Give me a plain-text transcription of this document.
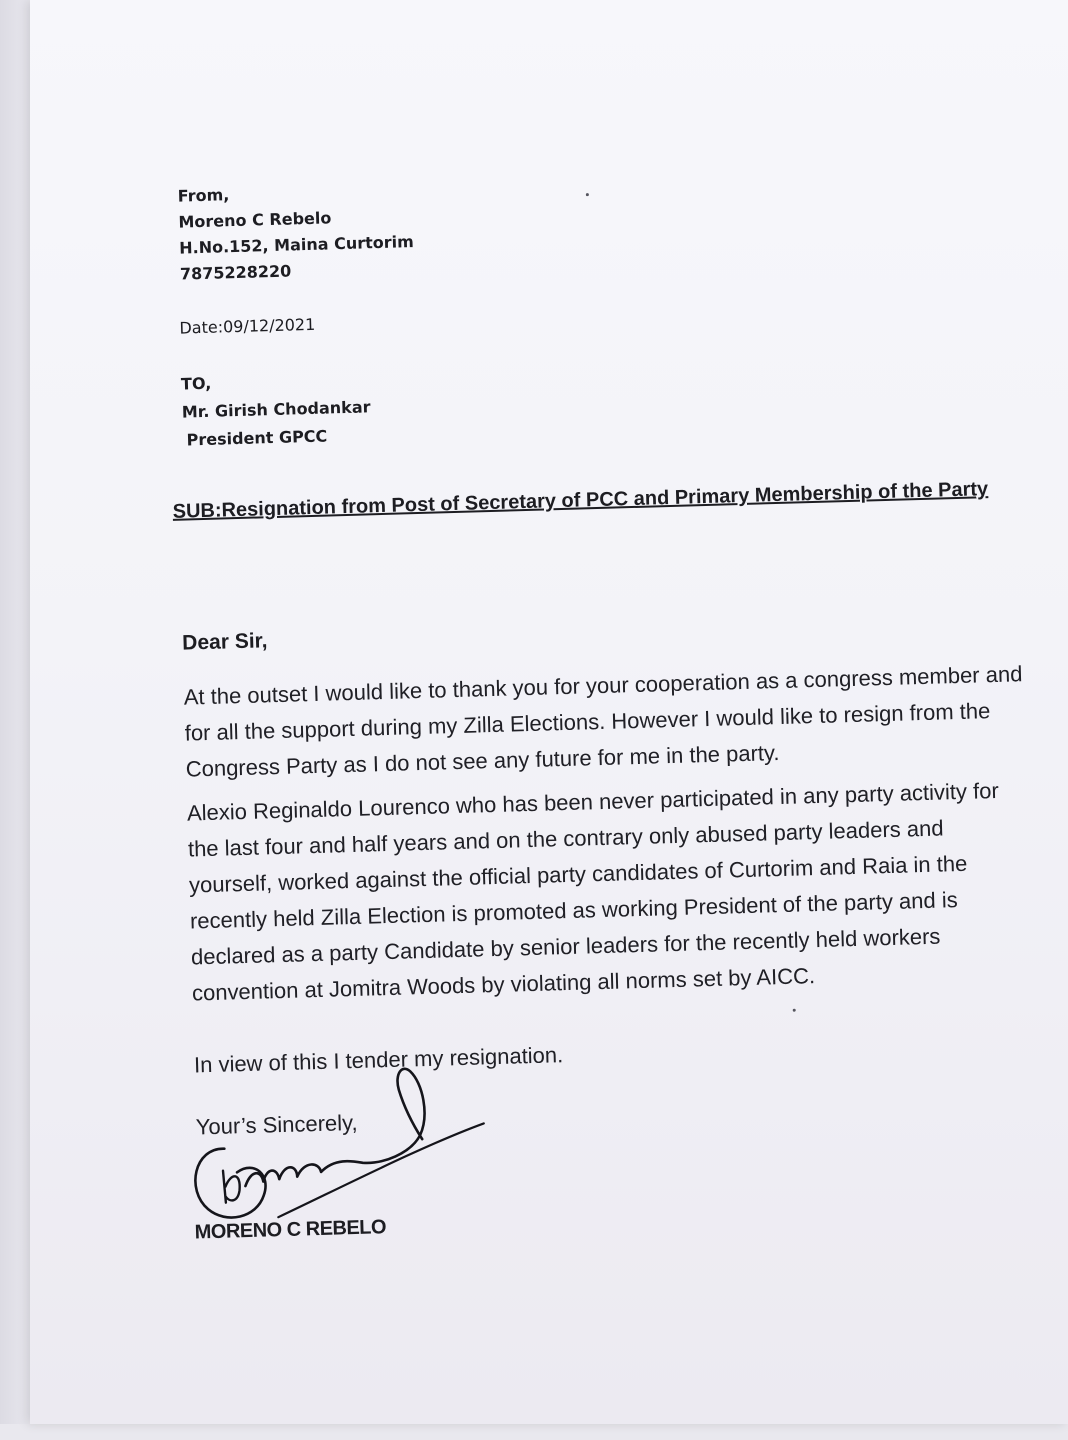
From,
Moreno C Rebelo
H.No.152, Maina Curtorim
7875228220
Date:09/12/2021
TO,
Mr. Girish Chodankar
President GPCC
SUB:Resignation from Post of Secretary of PCC and Primary Membership of the Party
Dear Sir,
At the outset I would like to thank you for your cooperation as a congress member and for all the support during my Zilla Elections. However I would like to resign from the Congress Party as I do not see any future for me in the party.
Alexio Reginaldo Lourenco who has been never participated in any party activity for the last four and half years and on the contrary only abused party leaders and yourself, worked against the official party candidates of Curtorim and Raia in the recently held Zilla Election is promoted as working President of the party and is declared as a party Candidate by senior leaders for the recently held workers convention at Jomitra Woods by violating all norms set by AICC.
In view of this I tender my resignation.
Your’s Sincerely,
MORENO C REBELO
